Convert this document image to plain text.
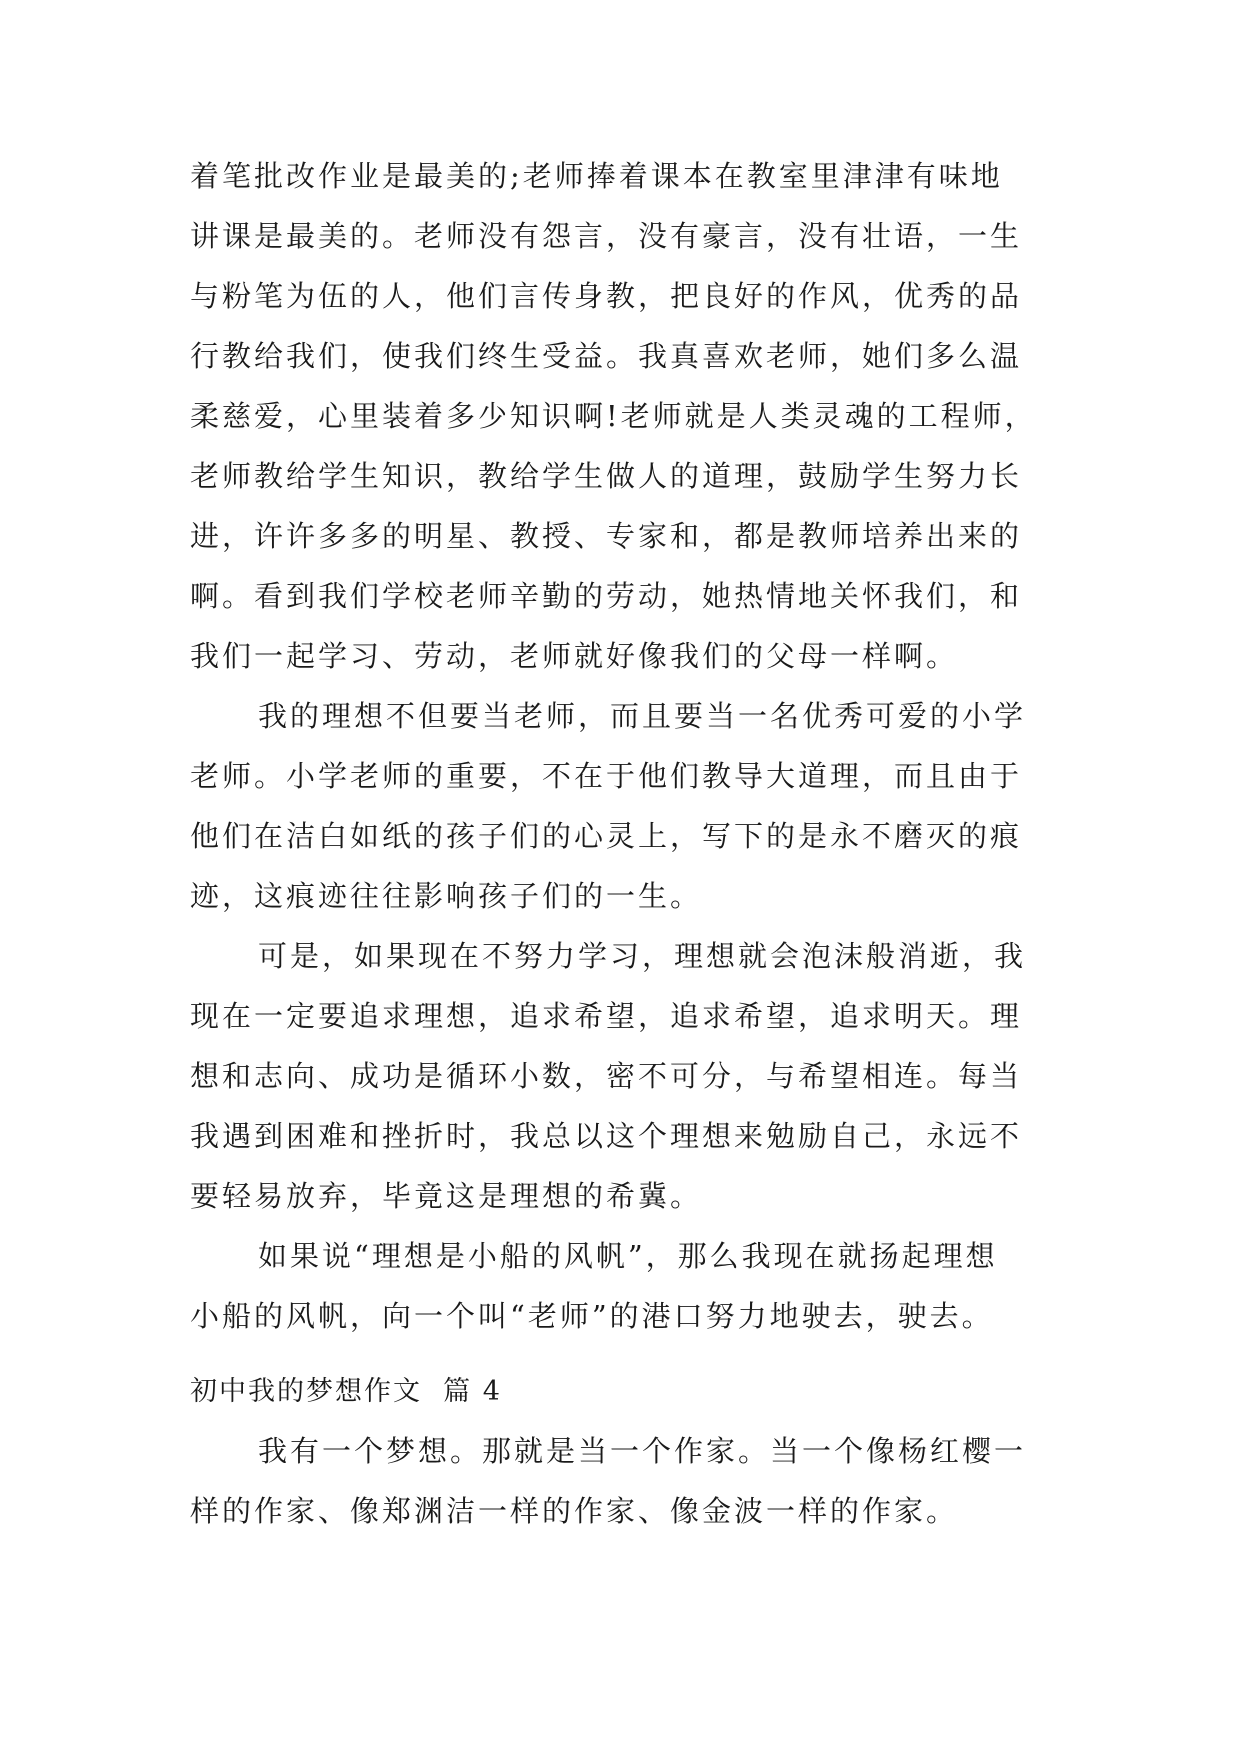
着笔批改作业是最美的;老师捧着课本在教室里津津有味地
讲课是最美的。老师没有怨言，没有豪言，没有壮语，一生
与粉笔为伍的人，他们言传身教，把良好的作风，优秀的品
行教给我们，使我们终生受益。我真喜欢老师，她们多么温
柔慈爱，心里装着多少知识啊!老师就是人类灵魂的工程师，
老师教给学生知识，教给学生做人的道理，鼓励学生努力长
进，许许多多的明星、教授、专家和，都是教师培养出来的
啊。看到我们学校老师辛勤的劳动，她热情地关怀我们，和
我们一起学习、劳动，老师就好像我们的父母一样啊。
我的理想不但要当老师，而且要当一名优秀可爱的小学
老师。小学老师的重要，不在于他们教导大道理，而且由于
他们在洁白如纸的孩子们的心灵上，写下的是永不磨灭的痕
迹，这痕迹往往影响孩子们的一生。
可是，如果现在不努力学习，理想就会泡沫般消逝，我
现在一定要追求理想，追求希望，追求希望，追求明天。理
想和志向、成功是循环小数，密不可分，与希望相连。每当
我遇到困难和挫折时，我总以这个理想来勉励自己，永远不
要轻易放弃，毕竟这是理想的希冀。
如果说“理想是小船的风帆”，那么我现在就扬起理想
小船的风帆，向一个叫“老师”的港口努力地驶去，驶去。
初中我的梦想作文  篇 4
我有一个梦想。那就是当一个作家。当一个像杨红樱一
样的作家、像郑渊洁一样的作家、像金波一样的作家。
